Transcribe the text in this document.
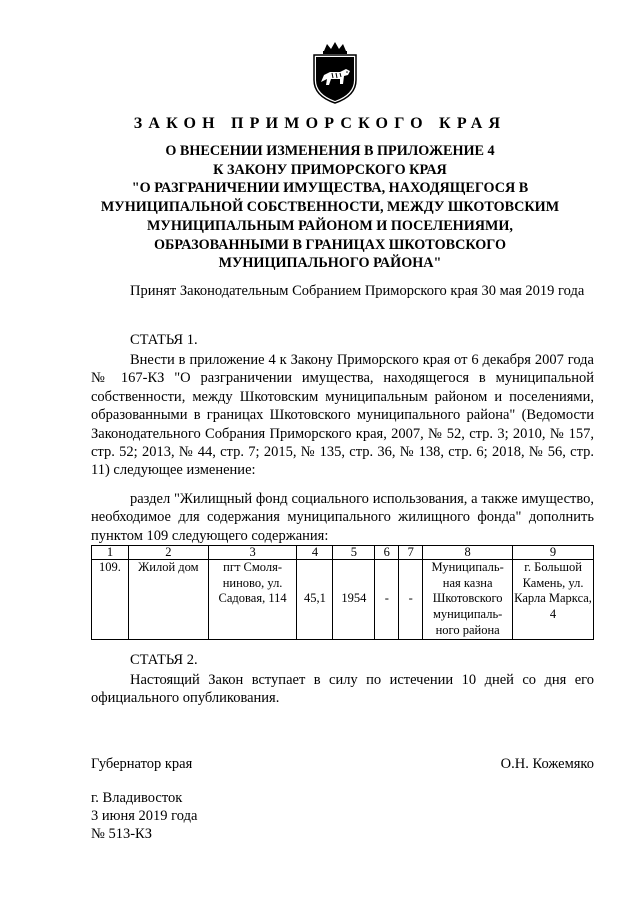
ЗАКОН ПРИМОРСКОГО КРАЯ
О ВНЕСЕНИИ ИЗМЕНЕНИЯ В ПРИЛОЖЕНИЕ 4
К ЗАКОНУ ПРИМОРСКОГО КРАЯ
"О РАЗГРАНИЧЕНИИ ИМУЩЕСТВА, НАХОДЯЩЕГОСЯ В
МУНИЦИПАЛЬНОЙ СОБСТВЕННОСТИ, МЕЖДУ ШКОТОВСКИМ
МУНИЦИПАЛЬНЫМ РАЙОНОМ И ПОСЕЛЕНИЯМИ,
ОБРАЗОВАННЫМИ В ГРАНИЦАХ ШКОТОВСКОГО
МУНИЦИПАЛЬНОГО РАЙОНА"
Принят Законодательным Собранием Приморского края 30 мая 2019 года
СТАТЬЯ 1.
Внести в приложение 4 к Закону Приморского края от 6 декабря 2007 года № 167-КЗ "О разграничении имущества, находящегося в муниципальной собственности, между Шкотовским муниципальным районом и поселениями, образованными в границах Шкотовского муниципального района" (Ведомости Законодательного Собрания Приморского края, 2007, № 52, стр. 3; 2010, № 157, стр. 52; 2013, № 44, стр. 7; 2015, № 135, стр. 36, № 138, стр. 6; 2018, № 56, стр. 11) следующее изменение:
раздел "Жилищный фонд социального использования, а также имущество, необходимое для содержания муниципального жилищного фонда" дополнить пунктом 109 следующего содержания:
1	2	3	4	5	6	7	8	9
109.	Жилой дом	пгт Смоля- ниново, ул. Садовая, 114	45,1	1954	-	-	Муниципаль- ная казна Шкотовского муниципаль- ного района	г. Большой Камень, ул. Карла Маркса, 4
СТАТЬЯ 2.
Настоящий Закон вступает в силу по истечении 10 дней со дня его официального опубликования.
Губернатор края	О.Н. Кожемяко
г. Владивосток
3 июня 2019 года
№ 513-КЗ
